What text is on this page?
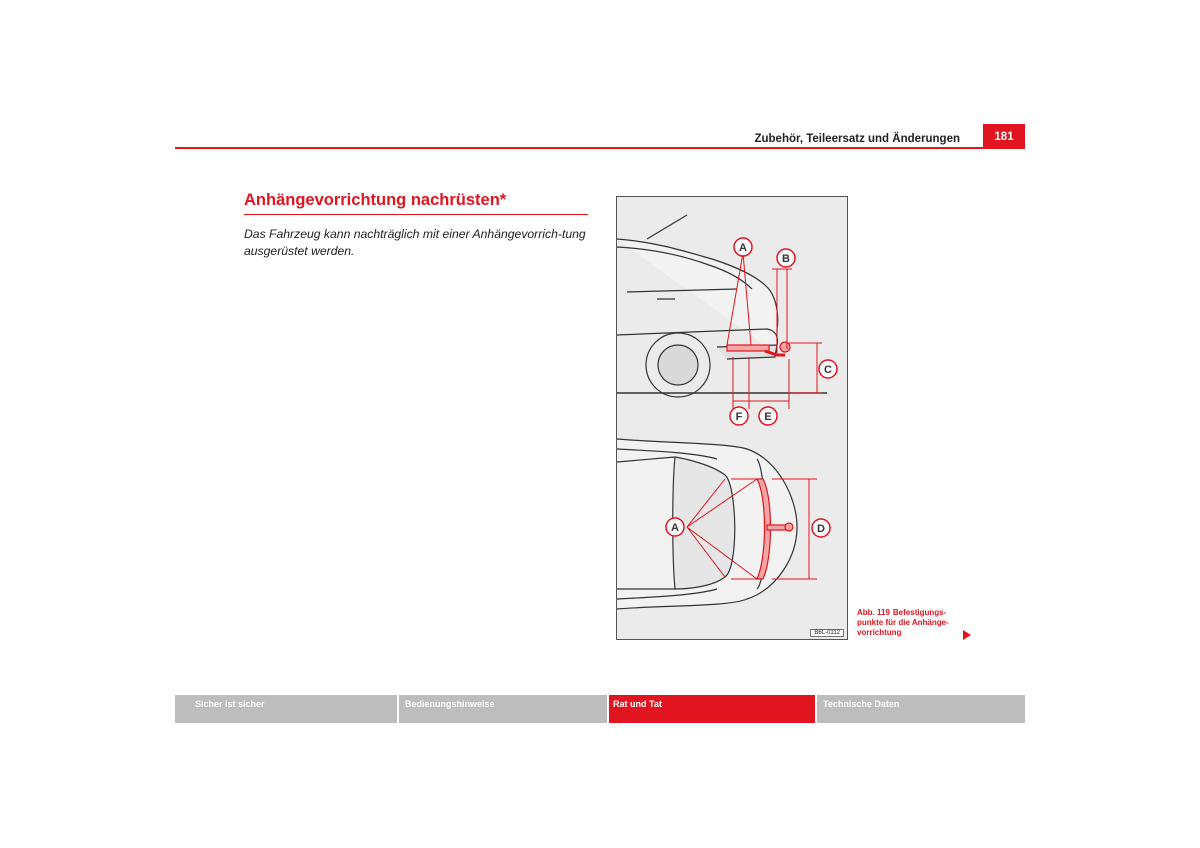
Zubehör, Teileersatz und Änderungen	181
Anhängevorrichtung nachrüsten*
Das Fahrzeug kann nachträglich mit einer Anhängevorrich-tung ausgerüstet werden.	A
B
C
F E
A	D
B6L-0112
Abb. 119 Befestigungs-punkte für die Anhänge-vorrichtung
Sicher ist sicher	Bedienungshinweise	Rat und Tat	Technische Daten
